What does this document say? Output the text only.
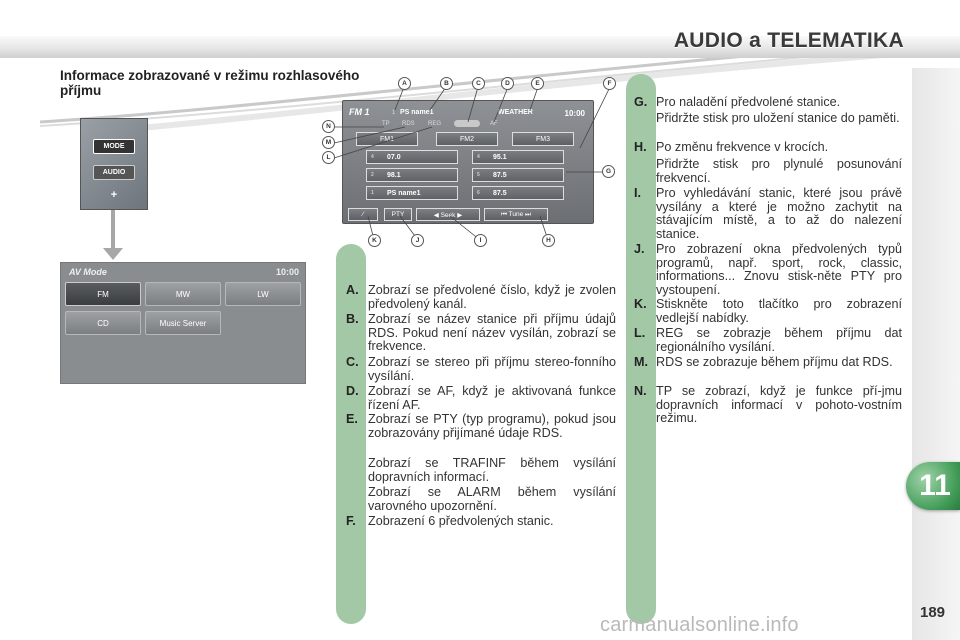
AUDIO a TELEMATIKA
11
189
Informace zobrazované v režimu rozhlasového příjmu
MODE
AUDIO
+
AV Mode	10:00
FM	MW	LW
CD	Music Server
FM 1	10:00
1 PS name1	WEATHER
TP RDS REG	AF
FM1	FM2	FM3
4 07.0	4 95.1
2 98.1	5 87.5
1 PS name1	6 87.5
⁄	PTY	◀ Seek ▶	⏮ Tune ⏭
A	B	C	D	E	F
N
M
L
G
K	J	I	H
A. Zobrazí se předvolené číslo, když je zvolen předvolený kanál.
B. Zobrazí se název stanice při příjmu údajů RDS. Pokud není název vysílán, zobrazí se frekvence.
C. Zobrazí se stereo při příjmu stereo-fonního vysílání.
D. Zobrazí se AF, když je aktivovaná funkce řízení AF.
E. Zobrazí se PTY (typ programu), pokud jsou zobrazovány přijímané údaje RDS.
Zobrazí se TRAFINF během vysílání dopravních informací.
Zobrazí se ALARM během vysílání varovného upozornění.
F. Zobrazení 6 předvolených stanic.
G. Pro naladění předvolené stanice.
Přidržte stisk pro uložení stanice do paměti.
H. Po změnu frekvence v krocích.
Přidržte stisk pro plynulé posunování frekvencí.
I.	Pro vyhledávání stanic, které jsou právě vysílány a které je možno zachytit na stávajícím místě, a to až do nalezení stanice.
J. Pro zobrazení okna předvolených typů programů, např. sport, rock, classic, informations... Znovu stisk-něte PTY pro vystoupení.
K. Stiskněte toto tlačítko pro zobrazení vedlejší nabídky.
L. REG se zobrazje během příjmu dat regionálního vysílání.
M. RDS se zobrazuje během příjmu dat RDS.
N. TP se zobrazí, když je funkce pří-jmu dopravních informací v pohoto-vostním režimu.
carmanualsonline.info
